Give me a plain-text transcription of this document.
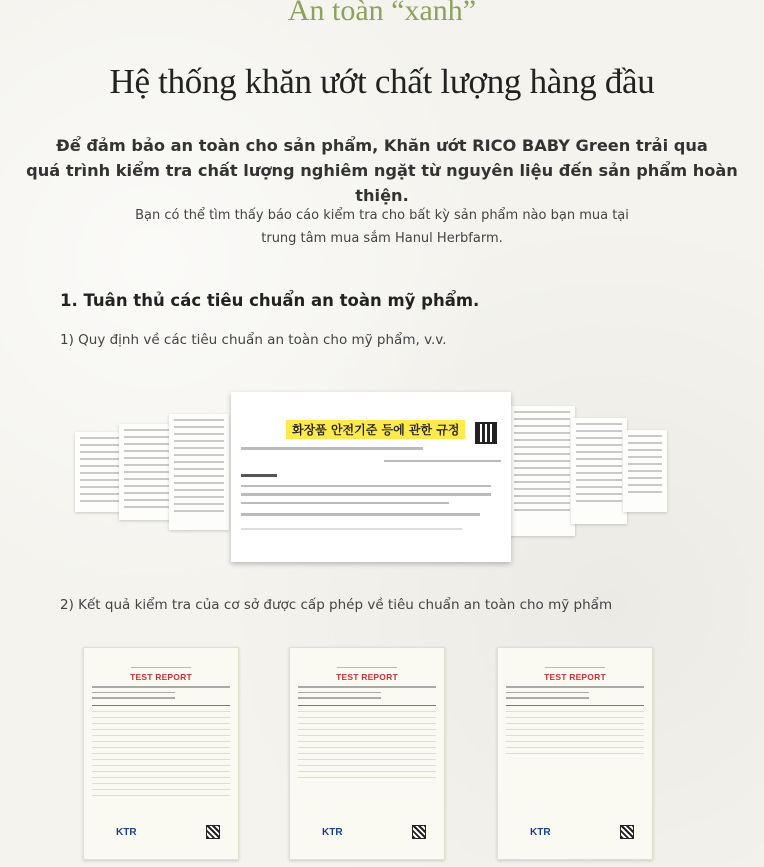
An toàn “xanh”
Hệ thống khăn ướt chất lượng hàng đầu
Để đảm bảo an toàn cho sản phẩm, Khăn ướt RICO BABY Green trải qua
quá trình kiểm tra chất lượng nghiêm ngặt từ nguyên liệu đến sản phẩm hoàn thiện.
Bạn có thể tìm thấy báo cáo kiểm tra cho bất kỳ sản phẩm nào bạn mua tại
trung tâm mua sắm Hanul Herbfarm.
1. Tuân thủ các tiêu chuẩn an toàn mỹ phẩm.
1) Quy định về các tiêu chuẩn an toàn cho mỹ phẩm, v.v.
화장품 안전기준 등에 관한 규정
2) Kết quả kiểm tra của cơ sở được cấp phép về tiêu chuẩn an toàn cho mỹ phẩm
TEST REPORT
KTR
TEST REPORT
KTR
TEST REPORT
KTR
